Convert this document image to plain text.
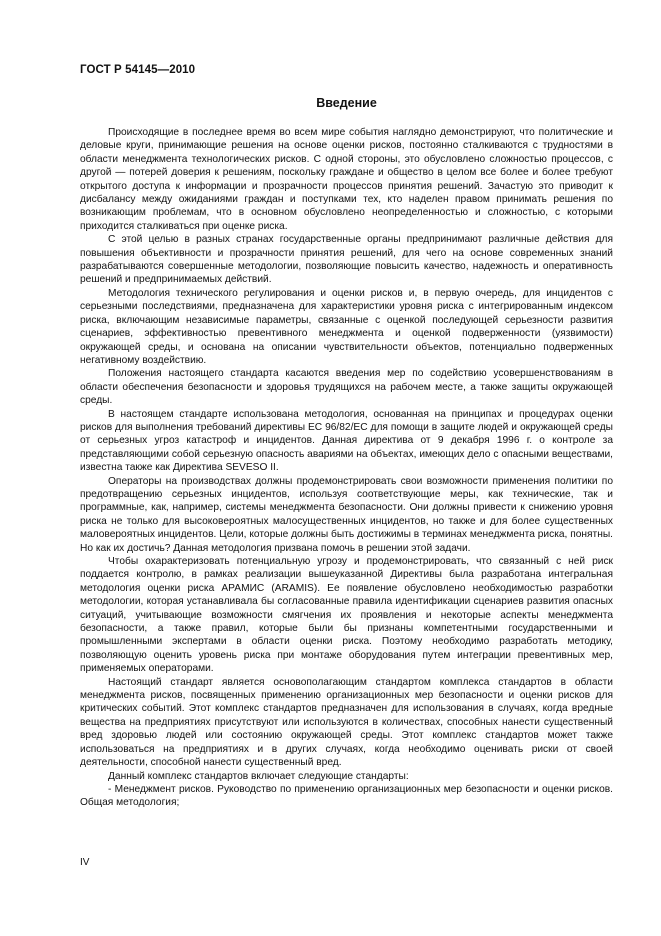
ГОСТ Р 54145—2010
Введение

Происходящие в последнее время во всем мире события наглядно демонстрируют, что политические и деловые круги, принимающие решения на основе оценки рисков, постоянно сталкиваются с трудностями в области менеджмента технологических рисков. С одной стороны, это обусловлено сложностью процессов, с другой — потерей доверия к решениям, поскольку граждане и общество в целом все более и более требуют открытого доступа к информации и прозрачности процессов принятия решений. Зачастую это приводит к дисбалансу между ожиданиями граждан и поступками тех, кто наделен правом принимать решения по возникающим проблемам, что в основном обусловлено неопределенностью и сложностью, с которыми приходится сталкиваться при оценке риска.

С этой целью в разных странах государственные органы предпринимают различные действия для повышения объективности и прозрачности принятия решений, для чего на основе современных знаний разрабатываются совершенные методологии, позволяющие повысить качество, надежность и оперативность решений и предпринимаемых действий.

Методология технического регулирования и оценки рисков и, в первую очередь, для инцидентов с серьезными последствиями, предназначена для характеристики уровня риска с интегрированным индексом риска, включающим независимые параметры, связанные с оценкой последующей серьезности развития сценариев, эффективностью превентивного менеджмента и оценкой подверженности (уязвимости) окружающей среды, и основана на описании чувствительности объектов, потенциально подверженных негативному воздействию.

Положения настоящего стандарта касаются введения мер по содействию усовершенствованиям в области обеспечения безопасности и здоровья трудящихся на рабочем месте, а также защиты окружающей среды.

В настоящем стандарте использована методология, основанная на принципах и процедурах оценки рисков для выполнения требований директивы ЕС 96/82/ЕС для помощи в защите людей и окружающей среды от серьезных угроз катастроф и инцидентов. Данная директива от 9 декабря 1996 г. о контроле за представляющими собой серьезную опасность авариями на объектах, имеющих дело с опасными веществами, известна также как Директива SEVESO II.

Операторы на производствах должны продемонстрировать свои возможности применения политики по предотвращению серьезных инцидентов, используя соответствующие меры, как технические, так и программные, как, например, системы менеджмента безопасности. Они должны привести к снижению уровня риска не только для высоковероятных малосущественных инцидентов, но также и для более существенных маловероятных инцидентов. Цели, которые должны быть достижимы в терминах менеджмента риска, понятны. Но как их достичь? Данная методология призвана помочь в решении этой задачи.

Чтобы охарактеризовать потенциальную угрозу и продемонстрировать, что связанный с ней риск поддается контролю, в рамках реализации вышеуказанной Директивы была разработана интегральная методология оценки риска АРАМИС (ARAMIS). Ее появление обусловлено необходимостью разработки методологии, которая устанавливала бы согласованные правила идентификации сценариев развития опасных ситуаций, учитывающие возможности смягчения их проявления и некоторые аспекты менеджмента безопасности, а также правил, которые были бы признаны компетентными государственными и промышленными экспертами в области оценки риска. Поэтому необходимо разработать методику, позволяющую оценить уровень риска при монтаже оборудования путем интеграции превентивных мер, применяемых операторами.

Настоящий стандарт является основополагающим стандартом комплекса стандартов в области менеджмента рисков, посвященных применению организационных мер безопасности и оценки рисков для критических событий. Этот комплекс стандартов предназначен для использования в случаях, когда вредные вещества на предприятиях присутствуют или используются в количествах, способных нанести существенный вред здоровью людей или состоянию окружающей среды. Этот комплекс стандартов может также использоваться на предприятиях и в других случаях, когда необходимо оценивать риски от своей деятельности, способной нанести существенный вред.

Данный комплекс стандартов включает следующие стандарты:

- Менеджмент рисков. Руководство по применению организационных мер безопасности и оценки рисков. Общая методология;

IV
